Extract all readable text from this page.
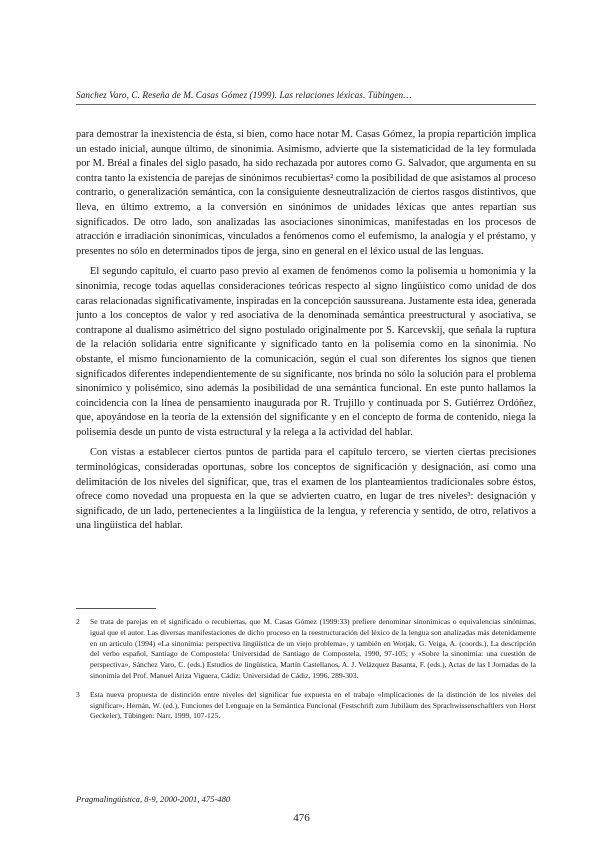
Sanchez Varo, C. Reseña de M. Casas Gómez (1999). Las relaciones léxicas. Tübingen…

para demostrar la inexistencia de ésta, si bien, como hace notar M. Casas Gómez, la propia repartición implica un estado inicial, aunque último, de sinonimia. Asimismo, advierte que la sistematicidad de la ley formulada por M. Bréal a finales del siglo pasado, ha sido rechazada por autores como G. Salvador, que argumenta en su contra tanto la existencia de parejas de sinónimos recubiertas² como la posibilidad de que asistamos al proceso contrario, o generalización semántica, con la consiguiente desneutralización de ciertos rasgos distintivos, que lleva, en último extremo, a la conversión en sinónimos de unidades léxicas que antes repartían sus significados. De otro lado, son analizadas las asociaciones sinonímicas, manifestadas en los procesos de atracción e irradiación sinonímicas, vinculados a fenómenos como el eufemismo, la analogía y el préstamo, y presentes no sólo en determinados tipos de jerga, sino en general en el léxico usual de las lenguas.

El segundo capítulo, el cuarto paso previo al examen de fenómenos como la polisemia u homonimia y la sinonimia, recoge todas aquellas consideraciones teóricas respecto al signo lingüístico como unidad de dos caras relacionadas significativamente, inspiradas en la concepción saussureana. Justamente esta idea, generada junto a los conceptos de valor y red asociativa de la denominada semántica preestructural y asociativa, se contrapone al dualismo asimétrico del signo postulado originalmente por S. Karcevskij, que señala la ruptura de la relación solidaria entre significante y significado tanto en la polisemia como en la sinonimia. No obstante, el mismo funcionamiento de la comunicación, según el cual son diferentes los signos que tienen significados diferentes independientemente de su significante, nos brinda no sólo la solución para el problema sinonímico y polisémico, sino además la posibilidad de una semántica funcional. En este punto hallamos la coincidencia con la línea de pensamiento inaugurada por R. Trujillo y continuada por S. Gutiérrez Ordóñez, que, apoyándose en la teoría de la extensión del significante y en el concepto de forma de contenido, niega la polisemia desde un punto de vista estructural y la relega a la actividad del hablar.

Con vistas a establecer ciertos puntos de partida para el capítulo tercero, se vierten ciertas precisiones terminológicas, consideradas oportunas, sobre los conceptos de significación y designación, así como una delimitación de los niveles del significar, que, tras el examen de los planteamientos tradicionales sobre éstos, ofrece como novedad una propuesta en la que se advierten cuatro, en lugar de tres niveles³: designación y significado, de un lado, pertenecientes a la lingüística de la lengua, y referencia y sentido, de otro, relativos a una lingüística del hablar.

2	Se trata de parejas en el significado o recubiertas, que M. Casas Gómez (1999:33) prefiere denominar sinonímicas o equivalencias sinónimas, igual que el autor. Las diversas manifestaciones de dicho proceso en la reestructuración del léxico de la lengua son analizadas más detenidamente en un artículo (1994) «La sinonimia: perspectiva lingüística de un viejo problema», y también en Wotjak, G. Veiga, A. (coords.), La descripción del verbo español, Santiago de Compostela: Universidad de Santiago de Compostela, 1990, 97-105; y «Sobre la sinonimia: una cuestión de perspectiva», Sánchez Varo, C. (eds.) Estudios de lingüística, Martín Castellanos, A. J. Velázquez Basanta, F. (eds.), Actas de las I Jornadas de la sinonimia del Prof. Manuel Ariza Viguera, Cádiz: Universidad de Cádiz, 1996, 289-303.
3	Esta nueva propuesta de distinción entre niveles del significar fue expuesta en el trabajo «Implicaciones de la distinción de los niveles del significar», Hernán, W. (ed.), Funciones del Lenguaje en la Semántica Funcional (Festschrift zum Jubiläum des Sprachwissenschaftlers von Horst Geckeler), Tübingen: Narr, 1999, 107-125.
Pragmalingüística, 8-9, 2000-2001, 475-480
476
